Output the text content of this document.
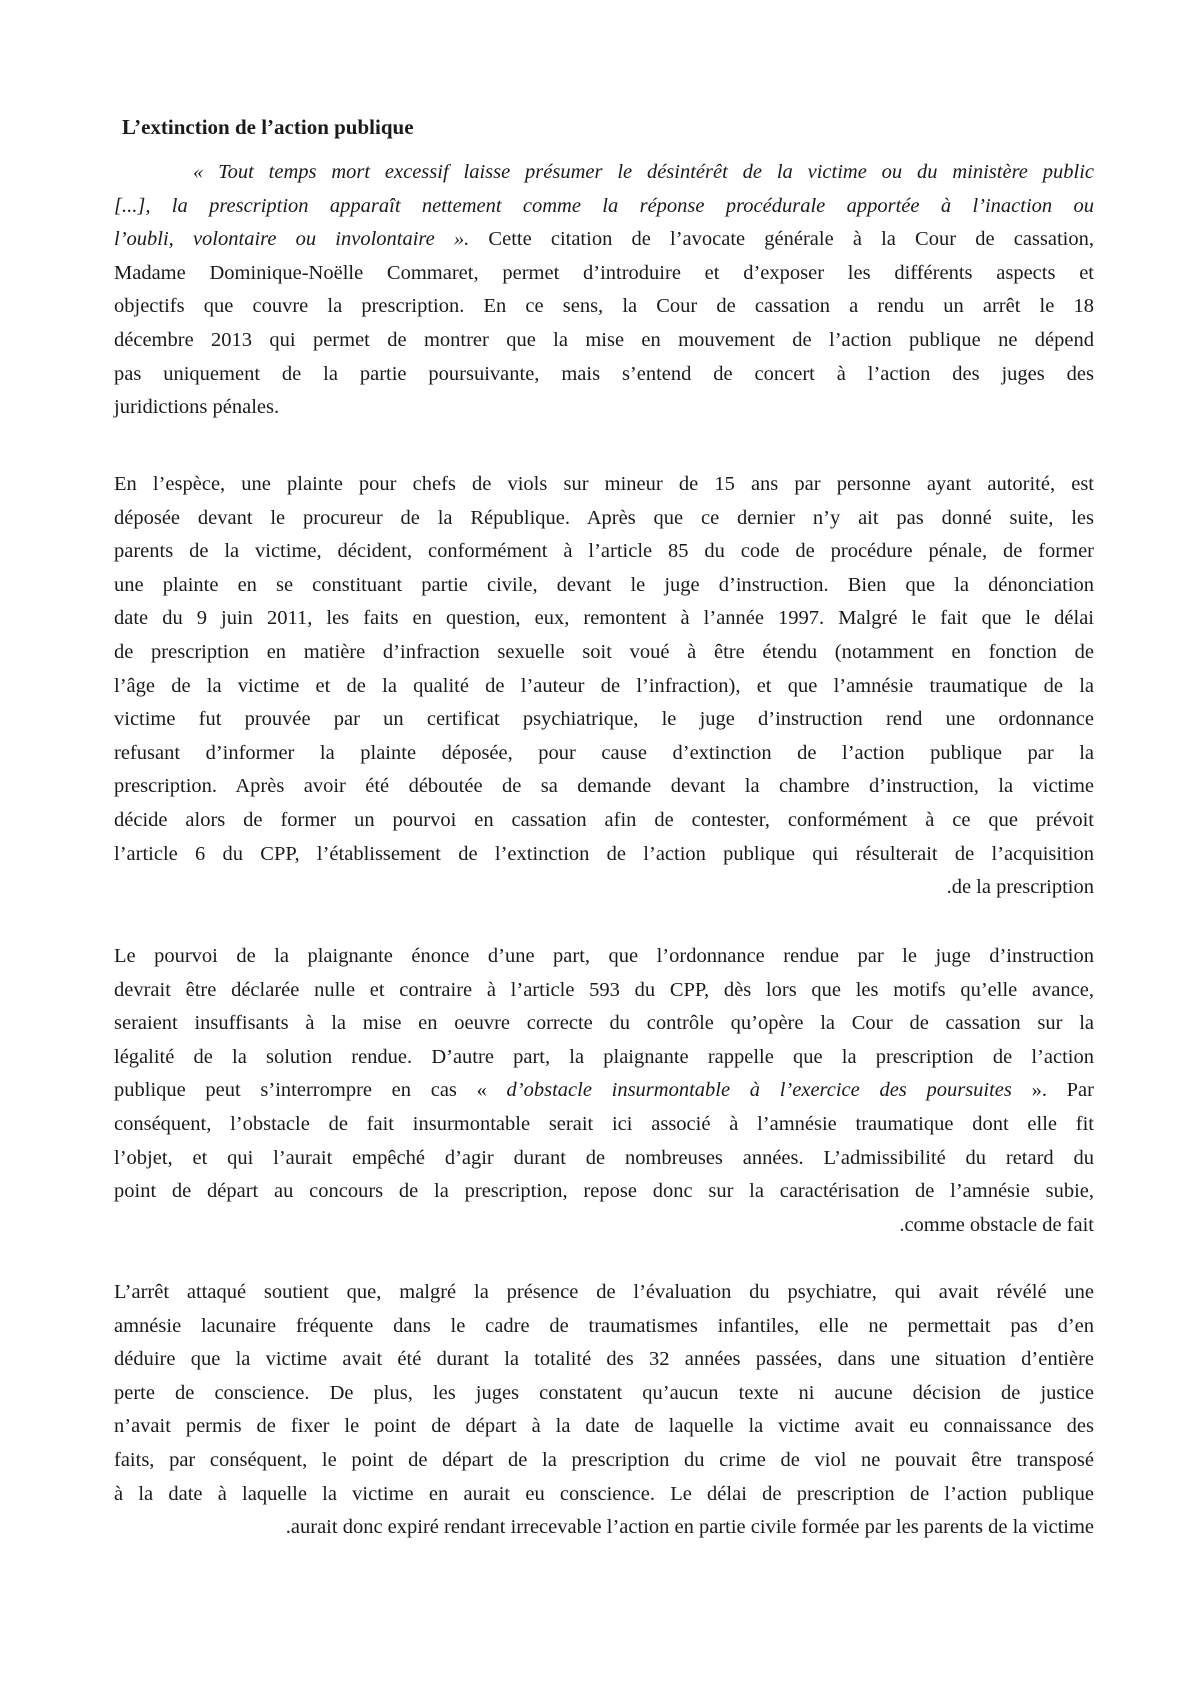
L’extinction de l’action publique
« Tout temps mort excessif laisse présumer le désintérêt de la victime ou du ministère public
[...], la prescription apparaît nettement comme la réponse procédurale apportée à l’inaction ou
l’oubli, volontaire ou involontaire ». Cette citation de l’avocate générale à la Cour de cassation,
Madame Dominique-Noëlle Commaret, permet d’introduire et d’exposer les différents aspects et
objectifs que couvre la prescription. En ce sens, la Cour de cassation a rendu un arrêt le 18
décembre 2013 qui permet de montrer que la mise en mouvement de l’action publique ne dépend
pas uniquement de la partie poursuivante, mais s’entend de concert à l’action des juges des
juridictions pénales.
En l’espèce, une plainte pour chefs de viols sur mineur de 15 ans par personne ayant autorité, est
déposée devant le procureur de la République. Après que ce dernier n’y ait pas donné suite, les
parents de la victime, décident, conformément à l’article 85 du code de procédure pénale, de former
une plainte en se constituant partie civile, devant le juge d’instruction. Bien que la dénonciation
date du 9 juin 2011, les faits en question, eux, remontent à l’année 1997. Malgré le fait que le délai
de prescription en matière d’infraction sexuelle soit voué à être étendu (notamment en fonction de
l’âge de la victime et de la qualité de l’auteur de l’infraction), et que l’amnésie traumatique de la
victime fut prouvée par un certificat psychiatrique, le juge d’instruction rend une ordonnance
refusant d’informer la plainte déposée, pour cause d’extinction de l’action publique par la
prescription. Après avoir été déboutée de sa demande devant la chambre d’instruction, la victime
décide alors de former un pourvoi en cassation afin de contester, conformément à ce que prévoit
l’article 6 du CPP, l’établissement de l’extinction de l’action publique qui résulterait de l’acquisition
.de la prescription
Le pourvoi de la plaignante énonce d’une part, que l’ordonnance rendue par le juge d’instruction
devrait être déclarée nulle et contraire à l’article 593 du CPP, dès lors que les motifs qu’elle avance,
seraient insuffisants à la mise en oeuvre correcte du contrôle qu’opère la Cour de cassation sur la
légalité de la solution rendue. D’autre part, la plaignante rappelle que la prescription de l’action
publique peut s’interrompre en cas « d’obstacle insurmontable à l’exercice des poursuites ». Par
conséquent, l’obstacle de fait insurmontable serait ici associé à l’amnésie traumatique dont elle fit
l’objet, et qui l’aurait empêché d’agir durant de nombreuses années. L’admissibilité du retard du
point de départ au concours de la prescription, repose donc sur la caractérisation de l’amnésie subie,
.comme obstacle de fait
L’arrêt attaqué soutient que, malgré la présence de l’évaluation du psychiatre, qui avait révélé une
amnésie lacunaire fréquente dans le cadre de traumatismes infantiles, elle ne permettait pas d’en
déduire que la victime avait été durant la totalité des 32 années passées, dans une situation d’entière
perte de conscience. De plus, les juges constatent qu’aucun texte ni aucune décision de justice
n’avait permis de fixer le point de départ à la date de laquelle la victime avait eu connaissance des
faits, par conséquent, le point de départ de la prescription du crime de viol ne pouvait être transposé
à la date à laquelle la victime en aurait eu conscience. Le délai de prescription de l’action publique
.aurait donc expiré rendant irrecevable l’action en partie civile formée par les parents de la victime
